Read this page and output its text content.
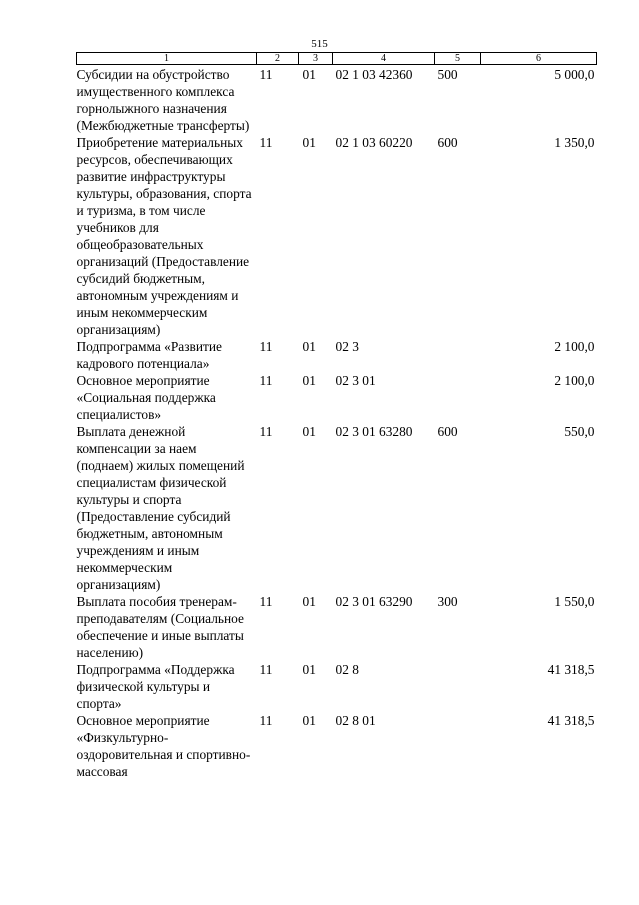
515
1	2	3	4	5	6

Субсидии на обустройство имущественного комплекса горнолыжного назначения (Межбюджетные трансферты)	11	01	02 1 03 42360	500	5 000,0
Приобретение материальных ресурсов, обеспечивающих развитие инфраструктуры культуры, образования, спорта и туризма, в том числе учебников для общеобразовательных организаций (Предоставление субсидий бюджетным, автономным учреждениям и иным некоммерческим организациям)	11	01	02 1 03 60220	600	1 350,0
Подпрограмма «Развитие кадрового потенциала»	11	01	02 3		2 100,0
Основное мероприятие «Социальная поддержка специалистов»	11	01	02 3 01		2 100,0
Выплата денежной компенсации за наем (поднаем) жилых помещений специалистам физической культуры и спорта (Предоставление субсидий бюджетным, автономным учреждениям и иным некоммерческим организациям)	11	01	02 3 01 63280	600	550,0
Выплата пособия тренерам-преподавателям (Социальное обеспечение и иные выплаты населению)	11	01	02 3 01 63290	300	1 550,0
Подпрограмма «Поддержка физической культуры и спорта»	11	01	02 8		41 318,5
Основное мероприятие «Физкультурно-оздоровительная и спортивно-массовая	11	01	02 8 01		41 318,5
